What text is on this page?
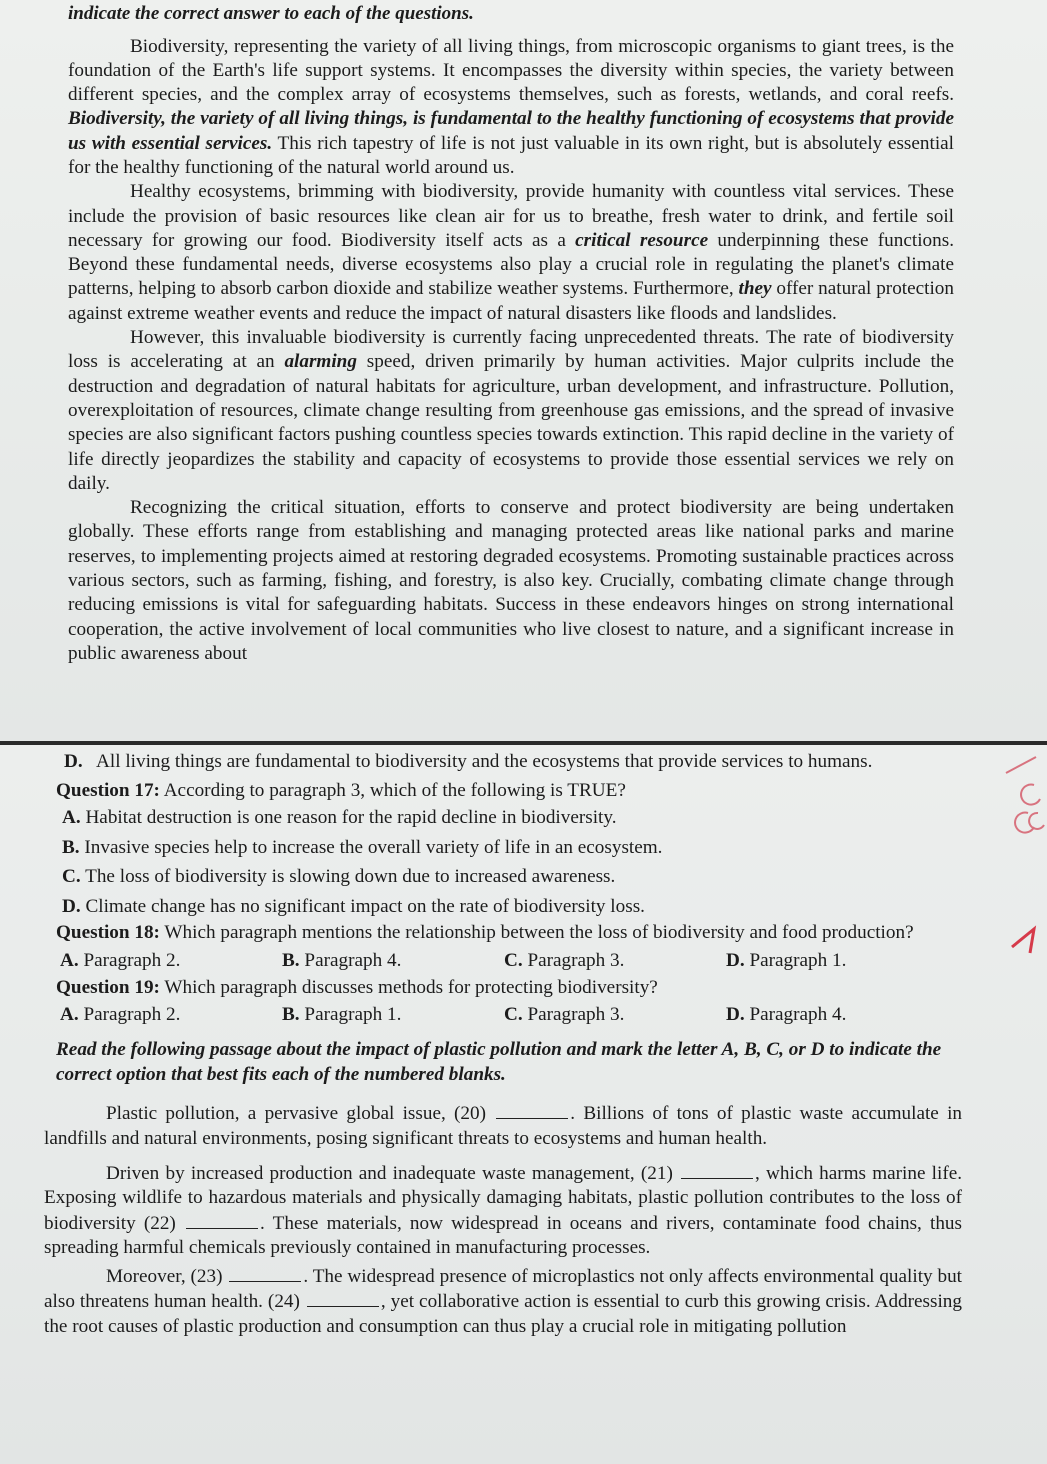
indicate the correct answer to each of the questions.

Biodiversity, representing the variety of all living things, from microscopic organisms to giant trees, is the foundation of the Earth's life support systems. It encompasses the diversity within species, the variety between different species, and the complex array of ecosystems themselves, such as forests, wetlands, and coral reefs. Biodiversity, the variety of all living things, is fundamental to the healthy functioning of ecosystems that provide us with essential services. This rich tapestry of life is not just valuable in its own right, but is absolutely essential for the healthy functioning of the natural world around us.

Healthy ecosystems, brimming with biodiversity, provide humanity with countless vital services. These include the provision of basic resources like clean air for us to breathe, fresh water to drink, and fertile soil necessary for growing our food. Biodiversity itself acts as a critical resource underpinning these functions. Beyond these fundamental needs, diverse ecosystems also play a crucial role in regulating the planet's climate patterns, helping to absorb carbon dioxide and stabilize weather systems. Furthermore, they offer natural protection against extreme weather events and reduce the impact of natural disasters like floods and landslides.

However, this invaluable biodiversity is currently facing unprecedented threats. The rate of biodiversity loss is accelerating at an alarming speed, driven primarily by human activities. Major culprits include the destruction and degradation of natural habitats for agriculture, urban development, and infrastructure. Pollution, overexploitation of resources, climate change resulting from greenhouse gas emissions, and the spread of invasive species are also significant factors pushing countless species towards extinction. This rapid decline in the variety of life directly jeopardizes the stability and capacity of ecosystems to provide those essential services we rely on daily.

Recognizing the critical situation, efforts to conserve and protect biodiversity are being undertaken globally. These efforts range from establishing and managing protected areas like national parks and marine reserves, to implementing projects aimed at restoring degraded ecosystems. Promoting sustainable practices across various sectors, such as farming, fishing, and forestry, is also key. Crucially, combating climate change through reducing emissions is vital for safeguarding habitats. Success in these endeavors hinges on strong international cooperation, the active involvement of local communities who live closest to nature, and a significant increase in public awareness about

D. All living things are fundamental to biodiversity and the ecosystems that provide services to humans.

Question 17: According to paragraph 3, which of the following is TRUE?

A. Habitat destruction is one reason for the rapid decline in biodiversity.

B. Invasive species help to increase the overall variety of life in an ecosystem.

C. The loss of biodiversity is slowing down due to increased awareness.

D. Climate change has no significant impact on the rate of biodiversity loss.

Question 18: Which paragraph mentions the relationship between the loss of biodiversity and food production?

A. Paragraph 2.	B. Paragraph 4.	C. Paragraph 3.	D. Paragraph 1.

Question 19: Which paragraph discusses methods for protecting biodiversity?

A. Paragraph 2.	B. Paragraph 1.	C. Paragraph 3.	D. Paragraph 4.

Read the following passage about the impact of plastic pollution and mark the letter A, B, C, or D to indicate the correct option that best fits each of the numbered blanks.

Plastic pollution, a pervasive global issue, (20)	. Billions of tons of plastic waste accumulate in landfills and natural environments, posing significant threats to ecosystems and human health.

Driven by increased production and inadequate waste management, (21)	, which harms marine life. Exposing wildlife to hazardous materials and physically damaging habitats, plastic pollution contributes to the loss of biodiversity (22)	. These materials, now widespread in oceans and rivers, contaminate food chains, thus spreading harmful chemicals previously contained in manufacturing processes.

Moreover, (23)	. The widespread presence of microplastics not only affects environmental quality but also threatens human health. (24)	, yet collaborative action is essential to curb this growing crisis. Addressing the root causes of plastic production and consumption can thus play a crucial role in mitigating pollution
